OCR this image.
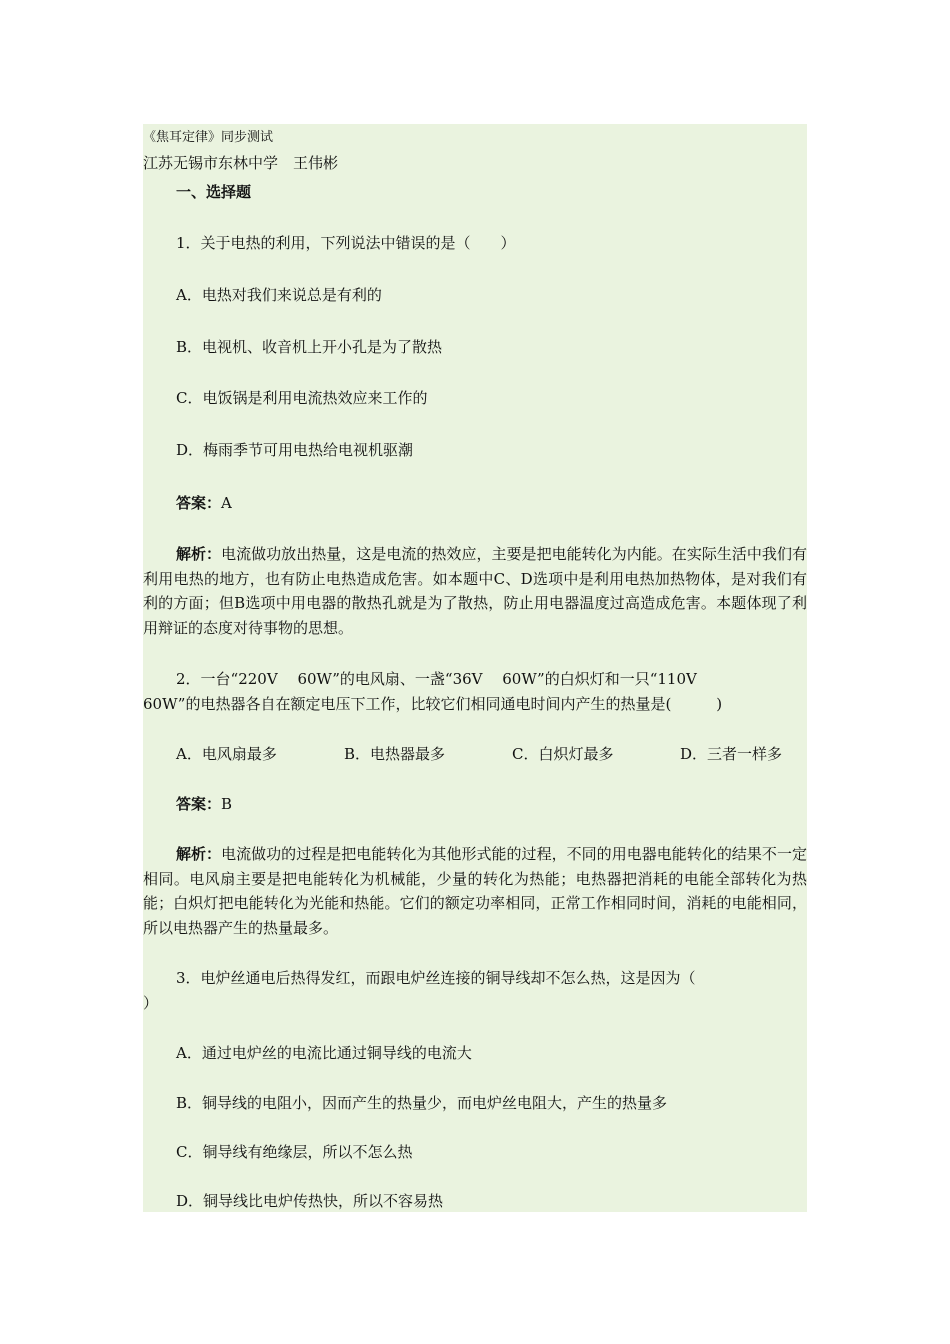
《焦耳定律》同步测试
江苏无锡市东林中学　王伟彬
一、选择题
1．关于电热的利用，下列说法中错误的是（　　）
A．电热对我们来说总是有利的
B．电视机、收音机上开小孔是为了散热
C．电饭锅是利用电流热效应来工作的
D．梅雨季节可用电热给电视机驱潮
答案：A
解析：电流做功放出热量，这是电流的热效应，主要是把电能转化为内能。在实际生活中我们有利用电热的地方，也有防止电热造成危害。如本题中C、D选项中是利用电热加热物体，是对我们有利的方面；但B选项中用电器的散热孔就是为了散热，防止用电器温度过高造成危害。本题体现了利用辩证的态度对待事物的思想。
2．一台“220V　 60W”的电风扇、一盏“36V　 60W”的白炽灯和一只“110V
60W”的电热器各自在额定电压下工作，比较它们相同通电时间内产生的热量是(　　　)
A．电风扇最多	B．电热器最多	C．白炽灯最多	D．三者一样多
答案：B
解析：电流做功的过程是把电能转化为其他形式能的过程，不同的用电器电能转化的结果不一定相同。电风扇主要是把电能转化为机械能，少量的转化为热能；电热器把消耗的电能全部转化为热能；白炽灯把电能转化为光能和热能。它们的额定功率相同，正常工作相同时间，消耗的电能相同，所以电热器产生的热量最多。
3．电炉丝通电后热得发红，而跟电炉丝连接的铜导线却不怎么热，这是因为（
）
A．通过电炉丝的电流比通过铜导线的电流大
B．铜导线的电阻小，因而产生的热量少，而电炉丝电阻大，产生的热量多
C．铜导线有绝缘层，所以不怎么热
D．铜导线比电炉传热快，所以不容易热
